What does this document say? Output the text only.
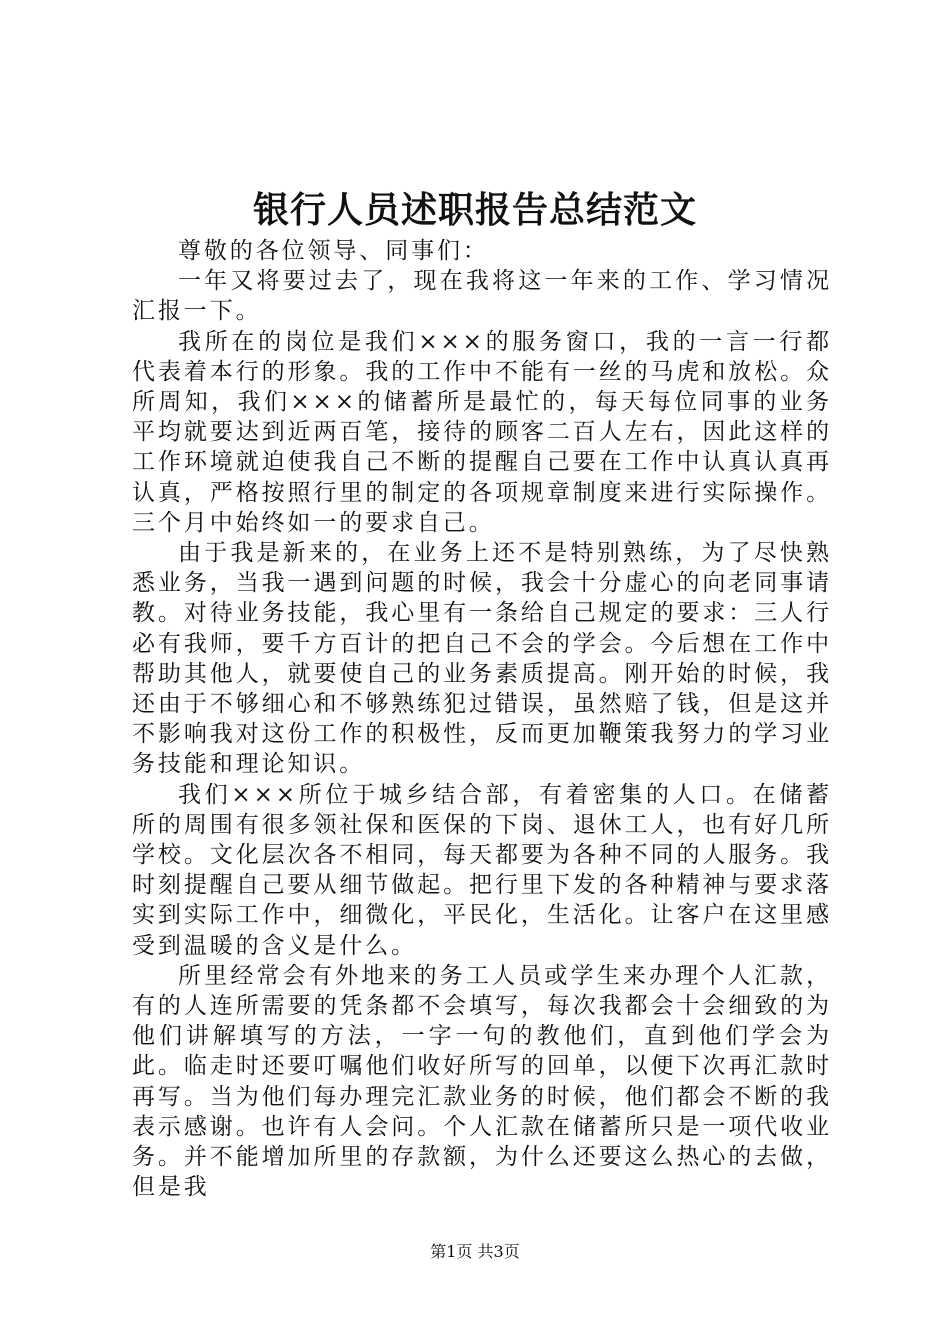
银行人员述职报告总结范文

尊敬的各位领导、同事们：

一年又将要过去了，现在我将这一年来的工作、学习情况汇报一下。

我所在的岗位是我们×××的服务窗口，我的一言一行都代表着本行的形象。我的工作中不能有一丝的马虎和放松。众所周知，我们×××的储蓄所是最忙的，每天每位同事的业务平均就要达到近两百笔，接待的顾客二百人左右，因此这样的工作环境就迫使我自己不断的提醒自己要在工作中认真认真再认真，严格按照行里的制定的各项规章制度来进行实际操作。三个月中始终如一的要求自己。

由于我是新来的，在业务上还不是特别熟练，为了尽快熟悉业务，当我一遇到问题的时候，我会十分虚心的向老同事请教。对待业务技能，我心里有一条给自己规定的要求：三人行必有我师，要千方百计的把自己不会的学会。今后想在工作中帮助其他人，就要使自己的业务素质提高。刚开始的时候，我还由于不够细心和不够熟练犯过错误，虽然赔了钱，但是这并不影响我对这份工作的积极性，反而更加鞭策我努力的学习业务技能和理论知识。

我们×××所位于城乡结合部，有着密集的人口。在储蓄所的周围有很多领社保和医保的下岗、退休工人，也有好几所学校。文化层次各不相同，每天都要为各种不同的人服务。我时刻提醒自己要从细节做起。把行里下发的各种精神与要求落实到实际工作中，细微化，平民化，生活化。让客户在这里感受到温暖的含义是什么。

所里经常会有外地来的务工人员或学生来办理个人汇款，有的人连所需要的凭条都不会填写，每次我都会十会细致的为他们讲解填写的方法，一字一句的教他们，直到他们学会为此。临走时还要叮嘱他们收好所写的回单，以便下次再汇款时再写。当为他们每办理完汇款业务的时候，他们都会不断的我表示感谢。也许有人会问。个人汇款在储蓄所只是一项代收业务。并不能增加所里的存款额，为什么还要这么热心的去做，但是我

第1页 共3页
